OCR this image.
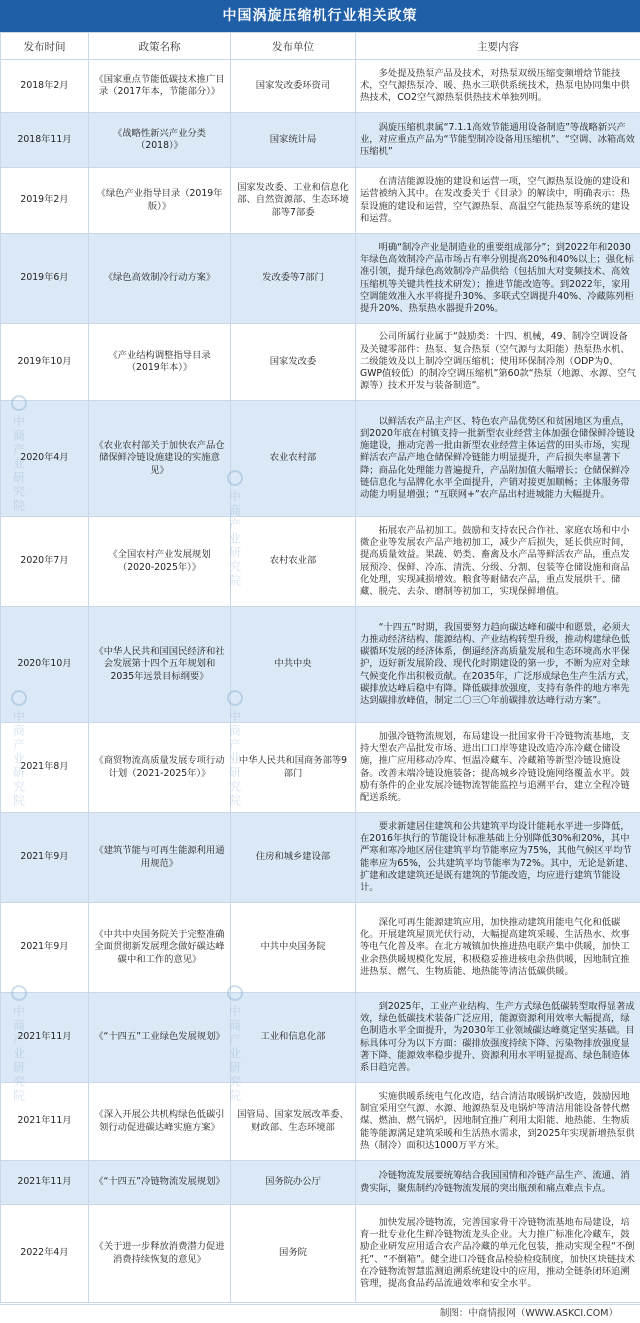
中国涡旋压缩机行业相关政策
发布时间	政策名称	发布单位	主要内容
2018年2月	《国家重点节能低碳技术推广目录（2017年本，节能部分）》	国家发改委环资司	多处提及热泵产品及技术，对热泵双级压缩变频增焓节能技术，空气源热泵冷、暖、热水三联供系统技术，热泵电协同集中供热技术，CO2空气源热泵供热技术单独列明。
2018年11月	《战略性新兴产业分类（2018）》	国家统计局	涡旋压缩机隶属“7.1.1高效节能通用设备制造”等战略新兴产业，对应重点产品为“节能型制冷设备用压缩机”、“空调、冰箱高效压缩机”
2019年2月	《绿色产业指导目录（2019年版）》	国家发改委、工业和信息化部、自然资源部、生态环境部等7部委	在清洁能源设施的建设和运营一项，空气源热泵设施的建设和运营被纳入其中。在发改委关于《目录》的解读中，明确表示：热泵设施的建设和运营，空气源热泵、高温空气能热泵等系统的建设和运营。
2019年6月	《绿色高效制冷行动方案》	发改委等7部门	明确“制冷产业是制造业的重要组成部分”；到2022年和2030年绿色高效制冷产品市场占有率分别提高20%和40%以上；强化标准引领，提升绿色高效制冷产品供给（包括加大对变频技术、高效压缩机等关键共性技术研发）；推进节能改造等。到2022年，家用空调能效准入水平将提升30%、多联式空调提升40%、冷藏陈列柜提升20%、热泵热水器提升20%。
2019年10月	《产业结构调整指导目录（2019年本）》	国家发改委	公司所属行业属于“鼓励类：十四、机械，49、制冷空调设备及关键零部件：热泵、复合热泵（空气源与太阳能）热泵热水机、二级能效及以上制冷空调压缩机；使用环保制冷剂（ODP为0、GWP值较低）的制冷空调压缩机”第60款“热泵（地源、水源、空气源等）技术开发与装备制造”。
2020年4月	《农业农村部关于加快农产品仓储保鲜冷链设施建设的实施意见》	农业农村部	以鲜活农产品主产区、特色农产品优势区和贫困地区为重点，到2020年底在村镇支持一批新型农业经营主体加强仓储保鲜冷链设施建设，推动完善一批由新型农业经营主体运营的田头市场，实现鲜活农产品产地仓储保鲜冷链能力明显提升，产后损失率显著下降；商品化处理能力普遍提升，产品附加值大幅增长；仓储保鲜冷链信息化与品牌化水平全面提升，产销对接更加顺畅；主体服务带动能力明显增强；“互联网+”农产品出村进城能力大幅提升。
2020年7月	《全国农村产业发展规划（2020-2025年）》	农村农业部	拓展农产品初加工。鼓励和支持农民合作社、家庭农场和中小微企业等发展农产品产地初加工，减少产后损失，延长供应时间，提高质量效益。果蔬、奶类、畜禽及水产品等鲜活农产品，重点发展预冷、保鲜、冷冻、清洗、分级、分割、包装等仓储设施和商品化处理，实现减损增效。粮食等耐储农产品，重点发展烘干、储藏、脱壳、去杂、磨制等初加工，实现保鲜增值。
2020年10月	《中华人民共和国国民经济和社会发展第十四个五年规划和2035年远景目标纲要》	中共中央	“十四五”时期，我国要努力趋向碳达峰和碳中和愿景，必须大力推动经济结构、能源结构、产业结构转型升级，推动构建绿色低碳循环发展的经济体系，倒逼经济高质量发展和生态环境高水平保护，迈好新发展阶段、现代化时期建设的第一步，不断为应对全球气候变化作出积极贡献。在2035年，广泛形成绿色生产生活方式，碳排放达峰后稳中有降。降低碳排放强度，支持有条件的地方率先达到碳排放峰值，制定二〇三〇年前碳排放达峰行动方案”。
2021年8月	《商贸物流高质量发展专项行动计划（2021-2025年）》	中华人民共和国商务部等9部门	加强冷链物流规划，布局建设一批国家骨干冷链物流基地，支持大型农产品批发市场、进出口口岸等建设改造冷冻冷藏仓储设施，推广应用移动冷库、恒温冷藏车、冷藏箱等新型冷链设施设备。改善末端冷链设施装备；提高城乡冷链设施网络覆盖水平。鼓励有条件的企业发展冷链物流智能监控与追溯平台，建立全程冷链配送系统。
2021年9月	《建筑节能与可再生能源利用通用规范》	住房和城乡建设部	要求新建居住建筑和公共建筑平均设计能耗水平进一步降低，在2016年执行的节能设计标准基础上分别降低30%和20%，其中严寒和寒冷地区居住建筑平均节能率应为75%，其他气候区平均节能率应为65%，公共建筑平均节能率为72%。其中，无论是新建、扩建和改建建筑还是既有建筑的节能改造，均应进行建筑节能设计。
2021年9月	《中共中央国务院关于完整准确全面贯彻新发展理念做好碳达峰碳中和工作的意见》	中共中央国务院	深化可再生能源建筑应用，加快推动建筑用能电气化和低碳化。开展建筑屋顶光伏行动，大幅提高建筑采暖、生活热水、炊事等电气化普及率。在北方城镇加快推进热电联产集中供暖，加快工业余热供暖规模化发展，积极稳妥推进核电余热供暖，因地制宜推进热泵、燃气、生物质能、地热能等清洁低碳供暖。
2021年11月	《“十四五”工业绿色发展规划》	工业和信息化部	到2025年，工业产业结构、生产方式绿色低碳转型取得显著成效，绿色低碳技术装备广泛应用，能源资源利用效率大幅提高，绿色制造水平全面提升，为2030年工业领域碳达峰奠定坚实基础。目标具体可分为以下方面：碳排放强度持续下降、污染物排放强度显著下降、能源效率稳步提升、资源利用水平明显提高、绿色制造体系日趋完善。
2021年11月	《深入开展公共机构绿色低碳引领行动促进碳达峰实施方案》	国管局、国家发展改革委、财政部、生态环境部	实施供暖系统电气化改造，结合清洁取暖锅炉改造，鼓励因地制宜采用空气源、水源、地源热泵及电锅炉等清洁用能设备替代燃煤、燃油、燃气锅炉，因地制宜推广利用太阳能、地热能、生物质能等能源满足建筑采暖和生活热水需求，到2025年实现新增热泵供热（制冷）面积达1000万平方米。
2021年11月	《“十四五”冷链物流发展规划》	国务院办公厅	冷链物流发展要统筹结合我国国情和冷链产品生产、流通、消费实际，聚焦制约冷链物流发展的突出瓶颈和痛点难点卡点。
2022年4月	《关于进一步释放消费潜力促进消费持续恢复的意见》	国务院	加快发展冷链物流，完善国家骨干冷链物流基地布局建设，培育一批专业化生鲜冷链物流龙头企业。大力推广标准化冷藏车，鼓励企业研发应用适合农产品冷藏的单元化包装，推动实现全程“不倒托”、“不倒箱”。健全进口冷链食品检验检疫制度，加快区块链技术在冷链物流智慧监测追溯系统建设中的应用，推动全链条闭环追溯管理，提高食品药品流通效率和安全水平。
制图：中商情报网（WWW.ASKCI.COM）
中商产业研究院
中商产业研究院
中商产业研究院
中商产业研究院
中商产业研究院
中商产业研究院
